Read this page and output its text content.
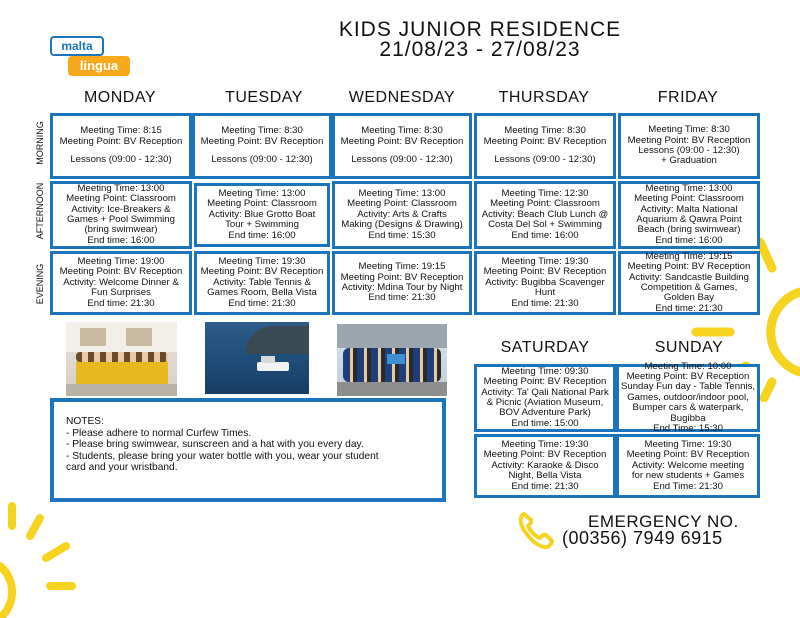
malta
lingua
KIDS JUNIOR RESIDENCE
21/08/23 - 27/08/23
MONDAY	TUESDAY	WEDNESDAY	THURSDAY	FRIDAY
MORNING
AFTERNOON
EVENING
Meeting Time: 8:15
Meeting Point: BV Reception
Lessons (09:00 - 12:30)
Meeting Time: 8:30
Meeting Point: BV Reception
Lessons (09:00 - 12:30)
Meeting Time: 8:30
Meeting Point: BV Reception
Lessons (09:00 - 12:30)
Meeting Time: 8:30
Meeting Point: BV Reception
Lessons (09:00 - 12:30)
Meeting Time: 8:30
Meeting Point: BV Reception
Lessons (09:00 - 12:30)
+ Graduation
Meeting Time: 13:00
Meeting Point: Classroom
Activity: Ice-Breakers &
Games + Pool Swimming
(bring swimwear)
End time: 16:00
Meeting Time: 13:00
Meeting Point: Classroom
Activity: Blue Grotto Boat
Tour + Swimming
End time: 16:00
Meeting Time: 13:00
Meeting Point: Classroom
Activity: Arts & Crafts
Making (Designs & Drawing)
End time: 15:30
Meeting Time: 12:30
Meeting Point: Classroom
Activity: Beach Club Lunch @
Costa Del Sol + Swimming
End time: 16:00
Meeting Time: 13:00
Meeting Point: Classroom
Activity: Malta National
Aquarium & Qawra Point
Beach (bring swimwear)
End time: 16:00
Meeting Time: 19:00
Meeting Point: BV Reception
Activity: Welcome Dinner &
Fun Surprises
End time: 21:30
Meeting Time: 19:30
Meeting Point: BV Reception
Activity: Table Tennis &
Games Room, Bella Vista
End time: 21:30
Meeting Time: 19:15
Meeting Point: BV Reception
Activity: Mdina Tour by Night
End time: 21:30
Meeting Time: 19:30
Meeting Point: BV Reception
Activity: Bugibba Scavenger
Hunt
End time: 21:30
Meeting Time: 19:15
Meeting Point: BV Reception
Activity: Sandcastle Building
Competition & Games,
Golden Bay
End time: 21:30
SATURDAY	SUNDAY
Meeting Time: 09:30
Meeting Point: BV Reception
Activity: Ta' Qali National Park
& Picnic (Aviation Museum,
BOV Adventure Park)
End time: 15:00
Meeting Time: 10:00
Meeting Point: BV Reception
Sunday Fun day - Table Tennis,
Games, outdoor/indoor pool,
Bumper cars & waterpark,
Bugibba
End Time: 15:30
Meeting Time: 19:30
Meeting Point: BV Reception
Activity: Karaoke & Disco
Night, Bella Vista
End time: 21:30
Meeting Time: 19:30
Meeting Point: BV Reception
Activity: Welcome meeting
for new students + Games
End Time: 21:30
NOTES:
- Please adhere to normal Curfew Times.
- Please bring swimwear, sunscreen and a hat with you every day.
- Students, please bring your water bottle with you, wear your student
card and your wristband.
EMERGENCY NO.
(00356) 7949 6915
